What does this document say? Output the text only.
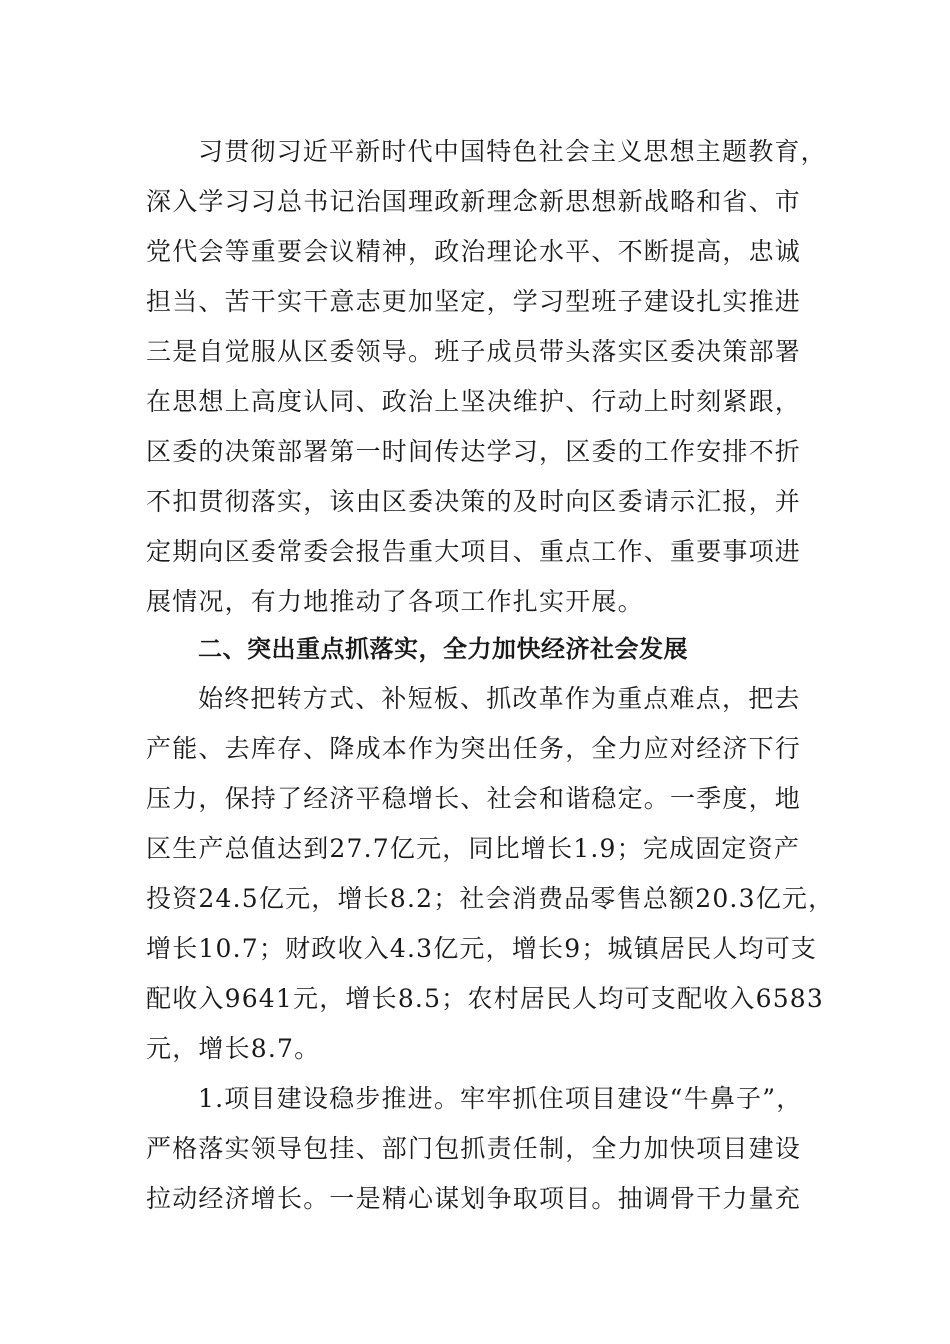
习贯彻习近平新时代中国特色社会主义思想主题教育，
深入学习习总书记治国理政新理念新思想新战略和省、市
党代会等重要会议精神，政治理论水平、不断提高，忠诚
担当、苦干实干意志更加坚定，学习型班子建设扎实推进
三是自觉服从区委领导。班子成员带头落实区委决策部署
在思想上高度认同、政治上坚决维护、行动上时刻紧跟，
区委的决策部署第一时间传达学习，区委的工作安排不折
不扣贯彻落实，该由区委决策的及时向区委请示汇报，并
定期向区委常委会报告重大项目、重点工作、重要事项进
展情况，有力地推动了各项工作扎实开展。
二、突出重点抓落实，全力加快经济社会发展
始终把转方式、补短板、抓改革作为重点难点，把去
产能、去库存、降成本作为突出任务，全力应对经济下行
压力，保持了经济平稳增长、社会和谐稳定。一季度，地
区生产总值达到27.7亿元，同比增长1.9；完成固定资产
投资24.5亿元，增长8.2；社会消费品零售总额20.3亿元，
增长10.7；财政收入4.3亿元，增长9；城镇居民人均可支
配收入9641元，增长8.5；农村居民人均可支配收入6583
元，增长8.7。
1.项目建设稳步推进。牢牢抓住项目建设“牛鼻子”，
严格落实领导包挂、部门包抓责任制，全力加快项目建设
拉动经济增长。一是精心谋划争取项目。抽调骨干力量充
